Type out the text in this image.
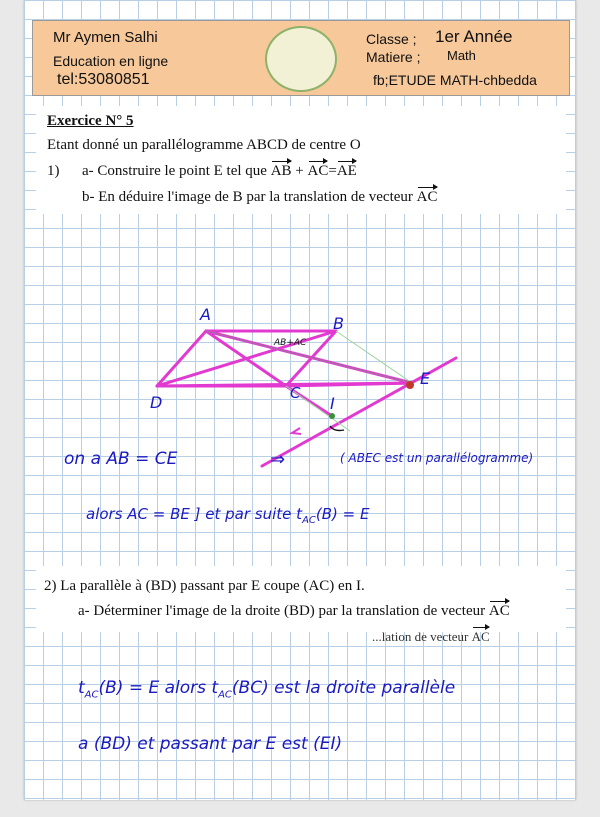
Mr Aymen Salhi
Education en ligne
tel:53080851
Classe ; 1er Année
Matiere ; Math
fb;ETUDE MATH-chbedda
Exercice N° 5
Etant donné un parallélogramme ABCD de centre O
1) a- Construire le point E tel que AB + AC=AE
b- En déduire l'image de B par la translation de vecteur AC
2) La parallèle à (BD) passant par E coupe (AC) en I.
a- Déterminer l'image de la droite (BD) par la translation de vecteur AC
...lation de vecteur AC
A	B
C
D
E
I
AB+AC
on a AB = CE	⇒	( ABEC est un parallélogramme)
alors AC = BE ] et par suite $t_{AC}(B) = E$
$t_{AC}(B) = E$ alors $t_{AC}(BC)$ est la droite parallèle
a (BD) et passant par E est (EI)
